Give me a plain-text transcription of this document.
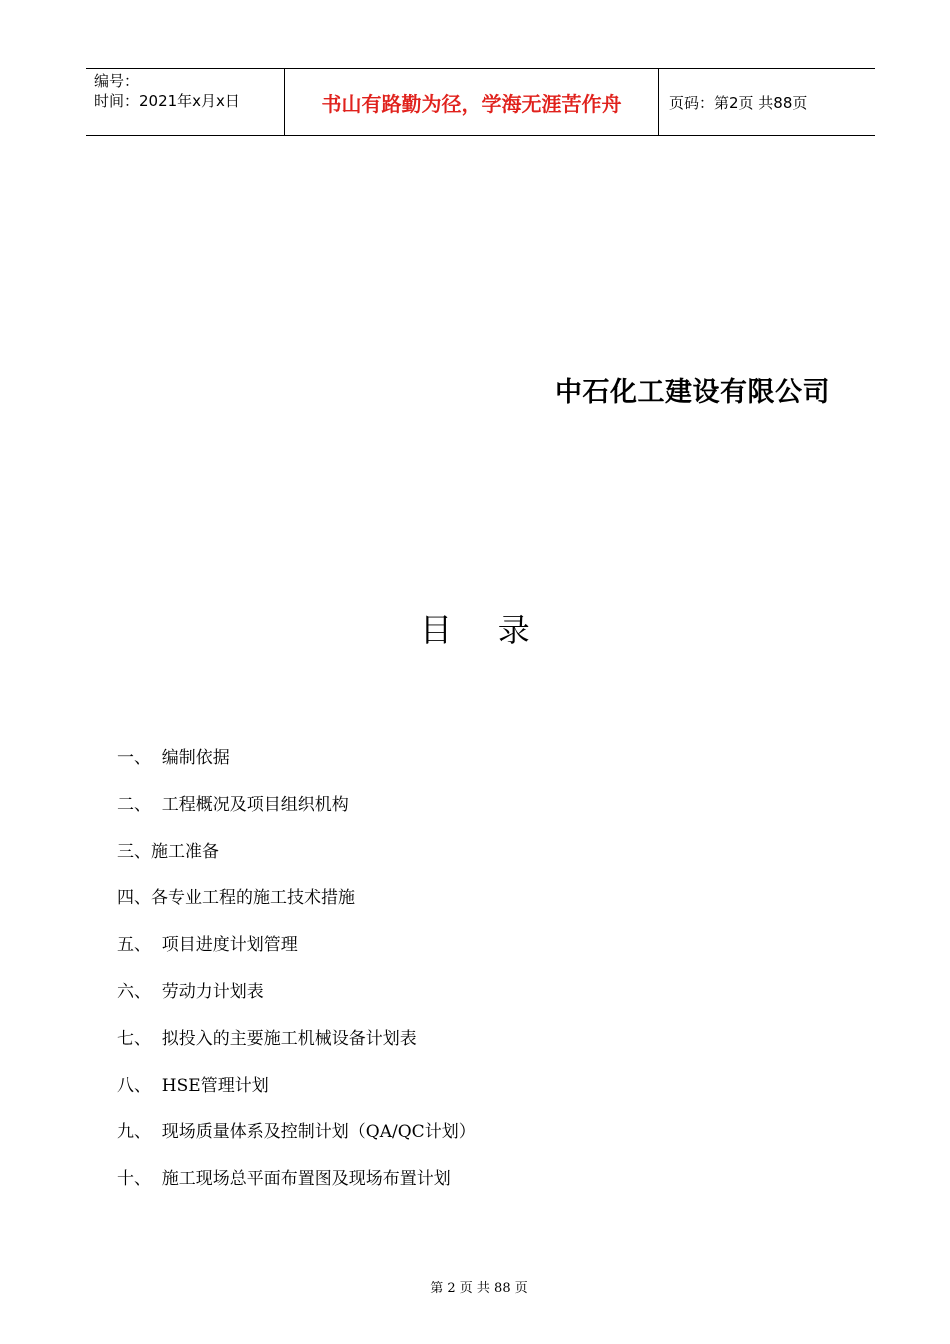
编号：
时间：2021年x月x日	书山有路勤为径，学海无涯苦作舟	页码：第2页 共88页
中石化工建设有限公司
目    录
一、  编制依据
二、  工程概况及项目组织机构
三、施工准备
四、各专业工程的施工技术措施
五、  项目进度计划管理
六、  劳动力计划表
七、  拟投入的主要施工机械设备计划表
八、  HSE管理计划
九、  现场质量体系及控制计划（QA/QC计划）
十、  施工现场总平面布置图及现场布置计划
第 2 页 共 88 页
